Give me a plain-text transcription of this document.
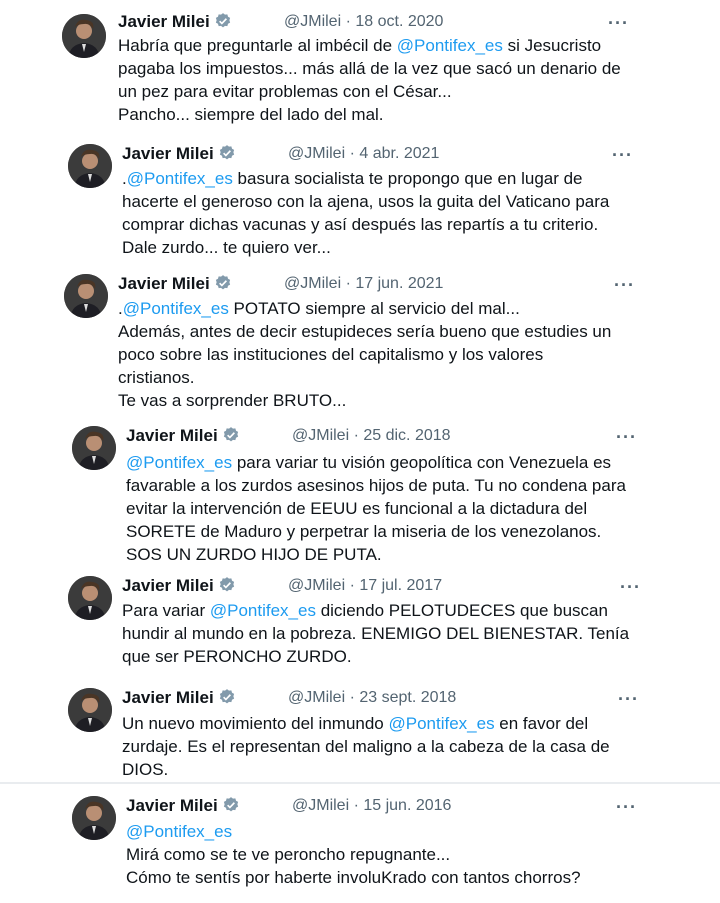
Javier Milei	@JMilei · 18 oct. 2020	···
Habría que preguntarle al imbécil de @Pontifex_es si Jesucristo
pagaba los impuestos... más allá de la vez que sacó un denario de
un pez para evitar problemas con el César...
Pancho... siempre del lado del mal.
Javier Milei	@JMilei · 4 abr. 2021	···
.@Pontifex_es basura socialista te propongo que en lugar de
hacerte el generoso con la ajena, usos la guita del Vaticano para
comprar dichas vacunas y así después las repartís a tu criterio.
Dale zurdo... te quiero ver...
Javier Milei	@JMilei · 17 jun. 2021	···
.@Pontifex_es POTATO siempre al servicio del mal...
Además, antes de decir estupideces sería bueno que estudies un
poco sobre las instituciones del capitalismo y los valores
cristianos.
Te vas a sorprender BRUTO...
Javier Milei	@JMilei · 25 dic. 2018	···
@Pontifex_es para variar tu visión geopolítica con Venezuela es
favarable a los zurdos asesinos hijos de puta. Tu no condena para
evitar la intervención de EEUU es funcional a la dictadura del
SORETE de Maduro y perpetrar la miseria de los venezolanos.
SOS UN ZURDO HIJO DE PUTA.
Javier Milei	@JMilei · 17 jul. 2017	···
Para variar @Pontifex_es diciendo PELOTUDECES que buscan
hundir al mundo en la pobreza. ENEMIGO DEL BIENESTAR. Tenía
que ser PERONCHO ZURDO.
Javier Milei	@JMilei · 23 sept. 2018	···
Un nuevo movimiento del inmundo @Pontifex_es en favor del
zurdaje. Es el representan del maligno a la cabeza de la casa de
DIOS.
Javier Milei	@JMilei · 15 jun. 2016	···
@Pontifex_es
Mirá como se te ve peroncho repugnante...
Cómo te sentís por haberte involuKrado con tantos chorros?
